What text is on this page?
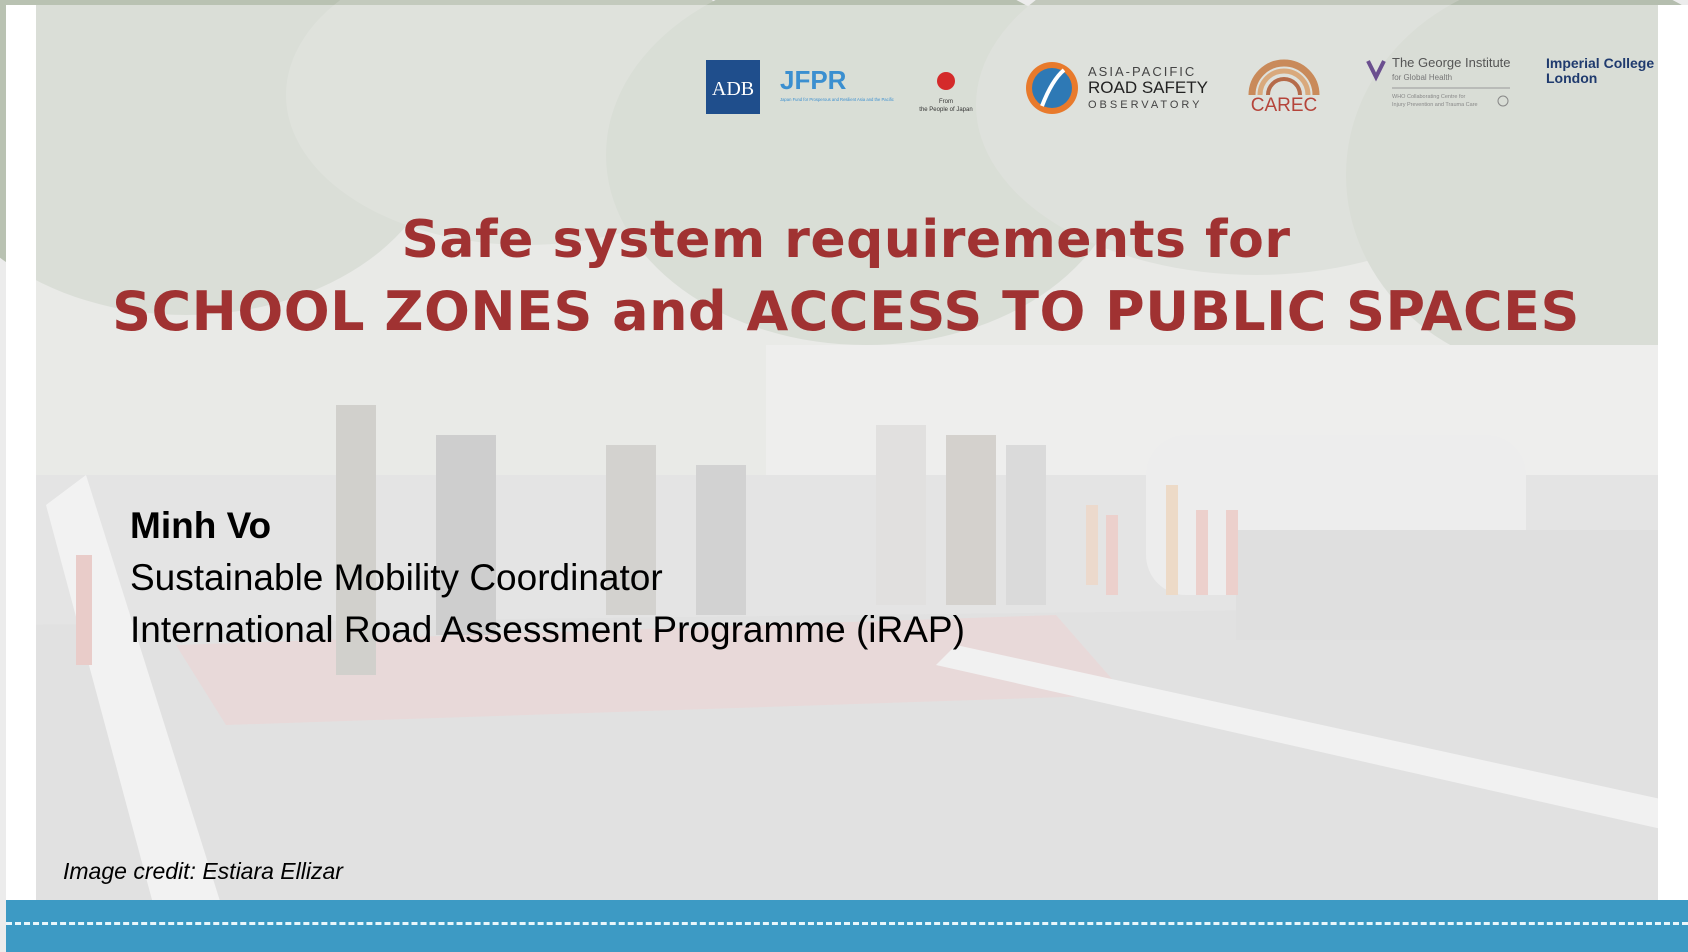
ADB JFPR
Japan Fund for Prosperous and Resilient Asia and the Pacific	From
the People of Japan
ASIA-PACIFIC
ROAD SAFETY
OBSERVATORY	CAREC
The George Institute
for Global Health
WHO Collaborating Centre for
Injury Prevention and Trauma Care
Imperial College
London
Safe system requirements for
SCHOOL ZONES and ACCESS TO PUBLIC SPACES
Minh Vo
Sustainable Mobility Coordinator
International Road Assessment Programme (iRAP)
Image credit: Estiara Ellizar
